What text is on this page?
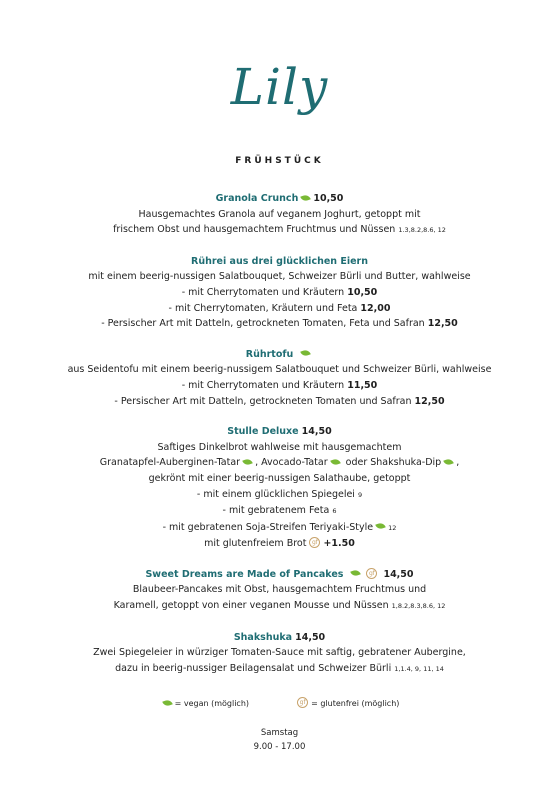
Lily
FRÜHSTÜCK
Granola Crunch 10,50
Hausgemachtes Granola auf veganem Joghurt, getoppt mit
frischem Obst und hausgemachtem Fruchtmus und Nüssen 1.3,8.2,8.6, 12
Rührei aus drei glücklichen Eiern
mit einem beerig-nussigen Salatbouquet, Schweizer Bürli und Butter, wahlweise
- mit Cherrytomaten und Kräutern 10,50
- mit Cherrytomaten, Kräutern und Feta 12,00
- Persischer Art mit Datteln, getrockneten Tomaten, Feta und Safran 12,50
Rührtofu
aus Seidentofu mit einem beerig-nussigem Salatbouquet und Schweizer Bürli, wahlweise
- mit Cherrytomaten und Kräutern 11,50
- Persischer Art mit Datteln, getrockneten Tomaten und Safran 12,50
Stulle Deluxe 14,50
Saftiges Dinkelbrot wahlweise mit hausgemachtem
Granatapfel-Auberginen-Tatar , Avocado-Tatar oder Shakshuka-Dip ,
gekrönt mit einer beerig-nussigen Salathaube, getoppt
- mit einem glücklichen Spiegelei 9
- mit gebratenem Feta 6
- mit gebratenen Soja-Streifen Teriyaki-Style 12
mit glutenfreiem Brot gf +1.50
Sweet Dreams are Made of Pancakes	gf 14,50
Blaubeer-Pancakes mit Obst, hausgemachtem Fruchtmus und
Karamell, getoppt von einer veganen Mousse und Nüssen 1,8.2,8.3,8.6, 12
Shakshuka 14,50
Zwei Spiegeleier in würziger Tomaten-Sauce mit saftig, gebratener Aubergine,
dazu in beerig-nussiger Beilagensalat und Schweizer Bürli 1,1.4, 9, 11, 14
= vegan (möglich)	gf = glutenfrei (möglich)
Samstag
9.00 - 17.00
